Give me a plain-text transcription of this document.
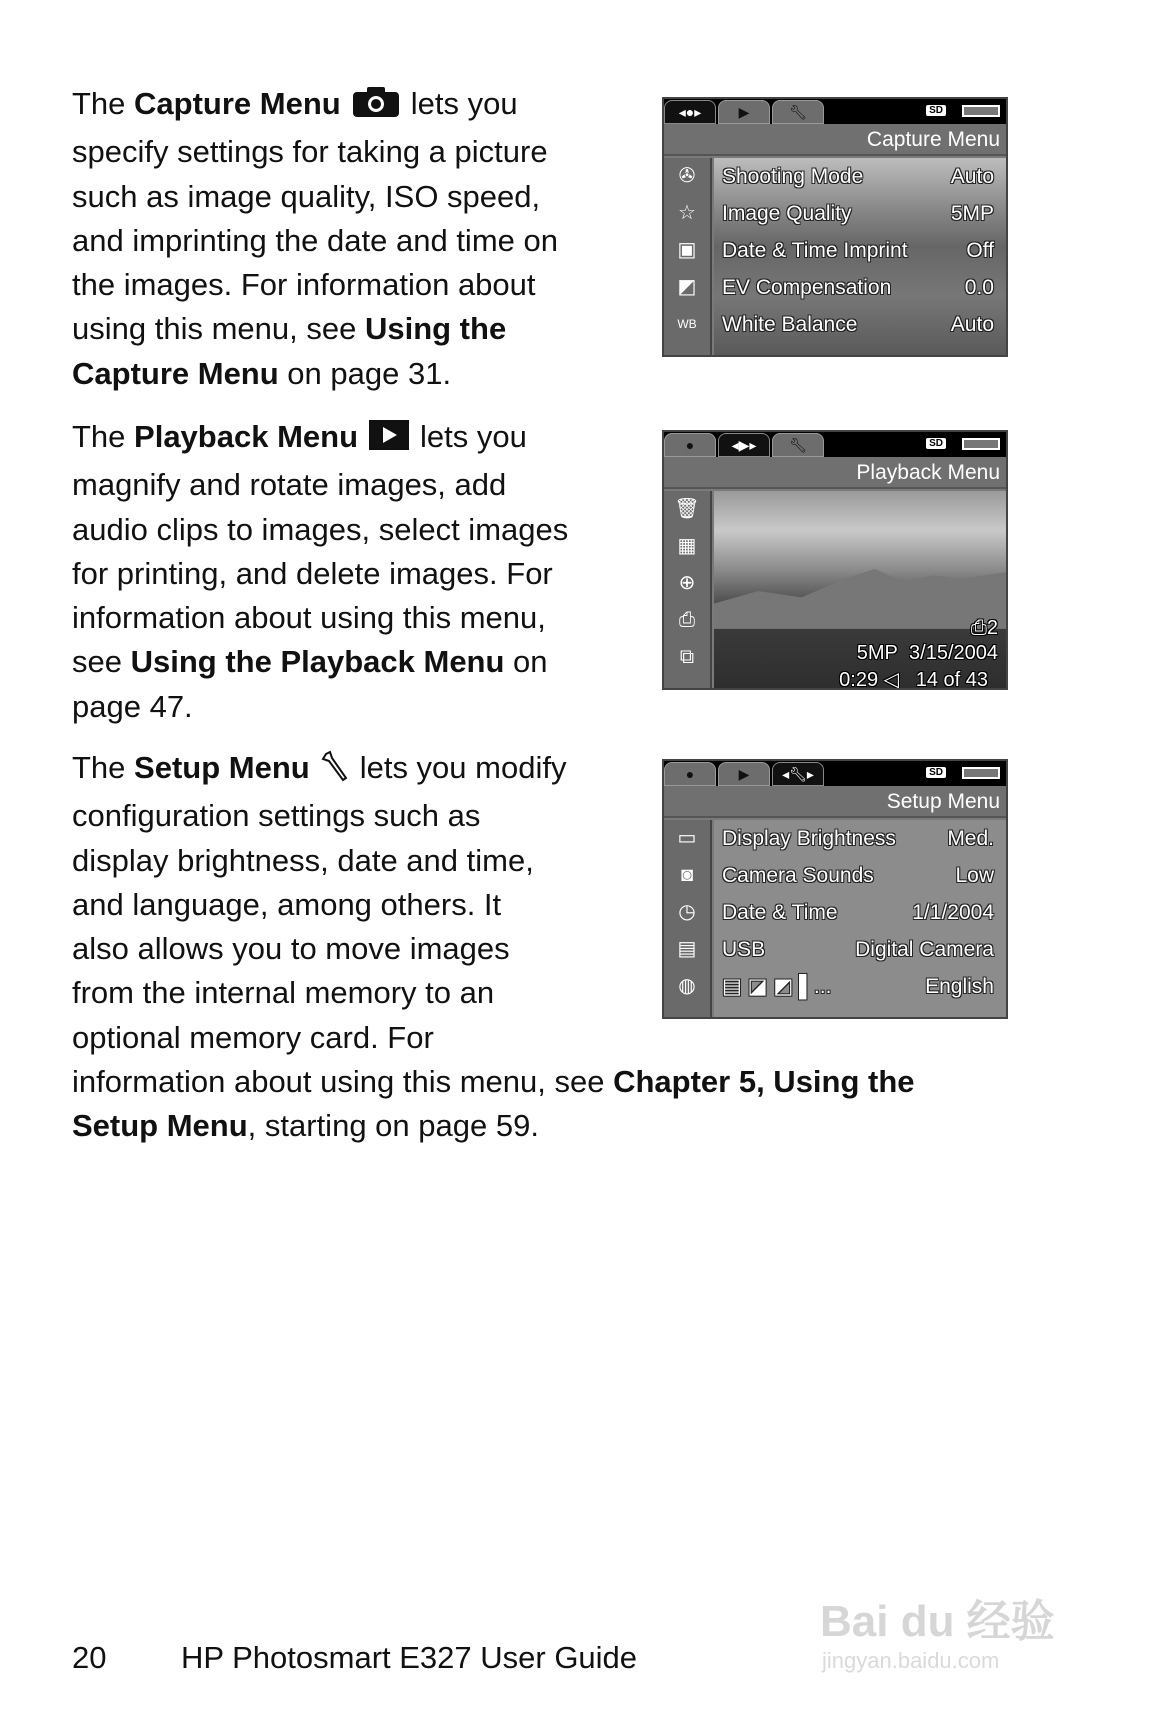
The Capture Menu lets you
specify settings for taking a picture
such as image quality, ISO speed,
and imprinting the date and time on
the images. For information about
using this menu, see Using the
Capture Menu on page 31.
The Playback Menu lets you
magnify and rotate images, add
audio clips to images, select images
for printing, and delete images. For
information about using this menu,
see Using the Playback Menu on
page 47.
The Setup Menu lets you modify
configuration settings such as
display brightness, date and time,
and language, among others. It
also allows you to move images
from the internal memory to an
optional memory card. For
information about using this menu, see Chapter 5, Using the
Setup Menu, starting on page 59.
◂●▸	▶	🔧︎	SD
Capture Menu
✇
☆
▣
◩
WB
Shooting Mode	Auto
Image Quality	5MP
Date & Time Imprint	Off
EV Compensation	0.0
White Balance	Auto
●	◂▶▸	🔧︎	SD
Playback Menu
🗑︎
▦
⊕
⎙
⧉
⎙2
5MP 3/15/2004
0:29 ◁ 14 of 43
●	▶	◂🔧︎▸	SD
Setup Menu
▭
◙
◷
▤
◍
Display Brightness Med.
Camera Sounds	Low
Date & Time	1/1/2004
USB	Digital Camera
▤ ◪ ◩ ▌...	English
20 HP Photosmart E327 User Guide
Bai du 经验
jingyan.baidu.com
